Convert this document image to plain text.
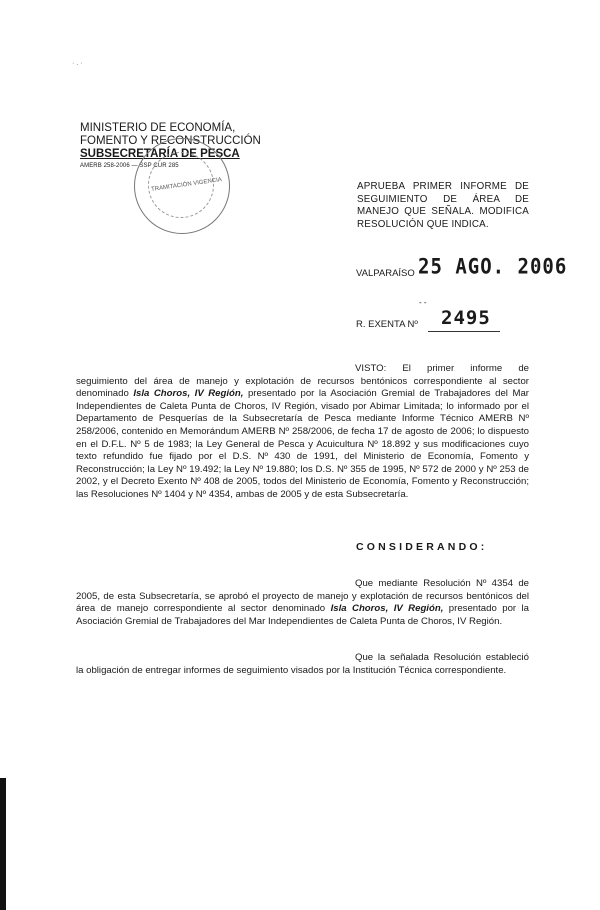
· . ·
MINISTERIO DE ECONOMÍA,
FOMENTO Y RECONSTRUCCIÓN
SUBSECRETARÍA DE PESCA
AMERB 258-2006 — SSP CUR 285
TRAMITACIÓN VIGENCIA	APRUEBA PRIMER INFORME DE SEGUIMIENTO DE ÁREA DE MANEJO QUE SEÑALA. MODIFICA RESOLUCIÓN QUE INDICA.
VALPARAÍSO 25 AGO. 2006
- -
R. EXENTA Nº 2495
VISTO: El primer informe de seguimiento del área de manejo y explotación de recursos bentónicos correspondiente al sector denominado Isla Choros, IV Región, presentado por la Asociación Gremial de Trabajadores del Mar Independientes de Caleta Punta de Choros, IV Región, visado por Abimar Limitada; lo informado por el Departamento de Pesquerías de la Subsecretaría de Pesca mediante Informe Técnico AMERB Nº 258/2006, contenido en Memorándum AMERB Nº 258/2006, de fecha 17 de agosto de 2006; lo dispuesto en el D.F.L. Nº 5 de 1983; la Ley General de Pesca y Acuicultura Nº 18.892 y sus modificaciones cuyo texto refundido fue fijado por el D.S. Nº 430 de 1991, del Ministerio de Economía, Fomento y Reconstrucción; la Ley Nº 19.492; la Ley Nº 19.880; los D.S. Nº 355 de 1995, Nº 572 de 2000 y Nº 253 de 2002, y el Decreto Exento Nº 408 de 2005, todos del Ministerio de Economía, Fomento y Reconstrucción; las Resoluciones Nº 1404 y Nº 4354, ambas de 2005 y de esta Subsecretaría.
CONSIDERANDO:
Que mediante Resolución Nº 4354 de 2005, de esta Subsecretaría, se aprobó el proyecto de manejo y explotación de recursos bentónicos del área de manejo correspondiente al sector denominado Isla Choros, IV Región, presentado por la Asociación Gremial de Trabajadores del Mar Independientes de Caleta Punta de Choros, IV Región.
Que la señalada Resolución estableció la obligación de entregar informes de seguimiento visados por la Institución Técnica correspondiente.
